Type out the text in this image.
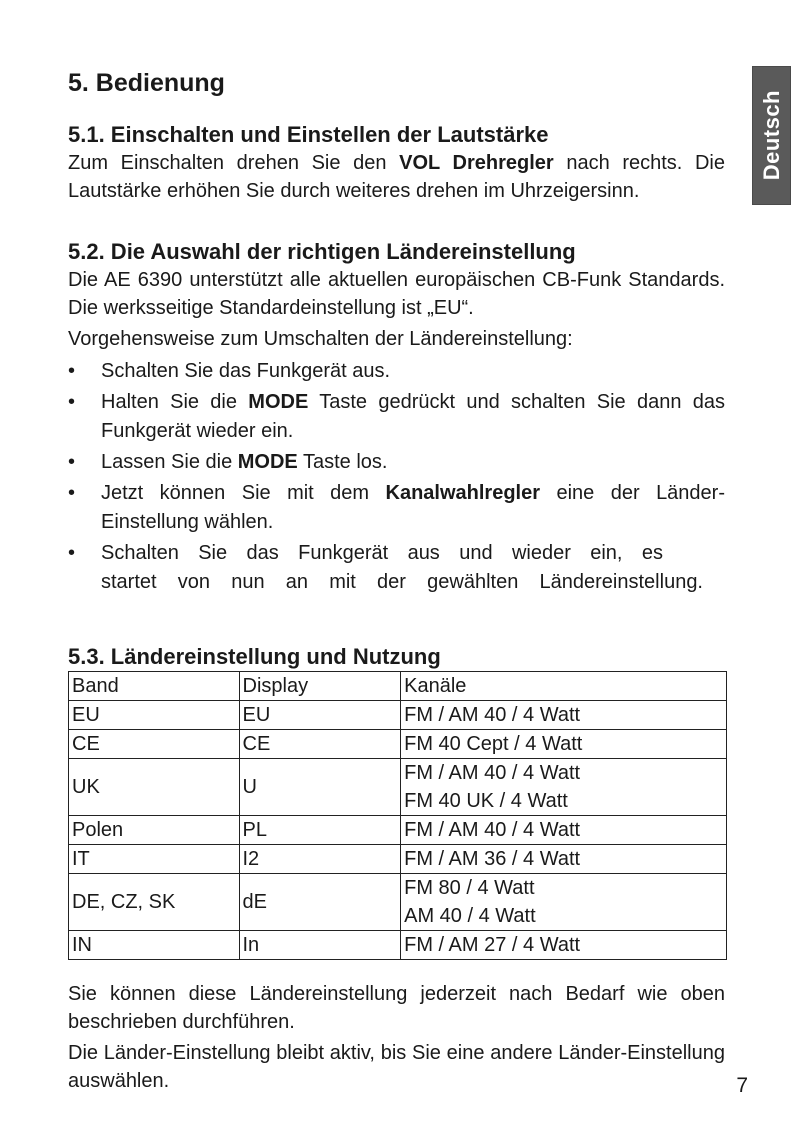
Deutsch
5. Bedienung
5.1. Einschalten und Einstellen der Lautstärke

Zum Einschalten drehen Sie den VOL Drehregler nach rechts. Die Lautstärke erhöhen Sie durch weiteres drehen im Uhrzeigersinn.

5.2. Die Auswahl der richtigen Ländereinstellung

Die AE 6390 unterstützt alle aktuellen europäischen CB-Funk Standards. Die werksseitige Standardeinstellung ist „EU“.

Vorgehensweise zum Umschalten der Ländereinstellung:

• Schalten Sie das Funkgerät aus.
• Halten Sie die MODE Taste gedrückt und schalten Sie dann das Funkgerät wieder ein.
• Lassen Sie die MODE Taste los.
• Jetzt können Sie mit dem Kanalwahlregler eine der Länder-Einstellung wählen.
• Schalten Sie das Funkgerät aus und wieder ein, es
startet von nun an mit der gewählten Ländereinstellung.
5.3. Ländereinstellung und Nutzung
Band	Display	Kanäle
EU	EU	FM / AM 40 / 4 Watt

CE	CE	FM 40 Cept / 4 Watt

UK	U	FM / AM 40 / 4 Watt
FM 40 UK / 4 Watt

Polen	PL	FM / AM 40 / 4 Watt

IT	I2	FM / AM 36 / 4 Watt

DE, CZ, SK	dE	FM 80 / 4 Watt
AM 40 / 4 Watt

IN	In	FM / AM 27 / 4 Watt

Sie können diese Ländereinstellung jederzeit nach Bedarf wie oben beschrieben durchführen.

Die Länder-Einstellung bleibt aktiv, bis Sie eine andere Länder-Einstellung auswählen.	7
